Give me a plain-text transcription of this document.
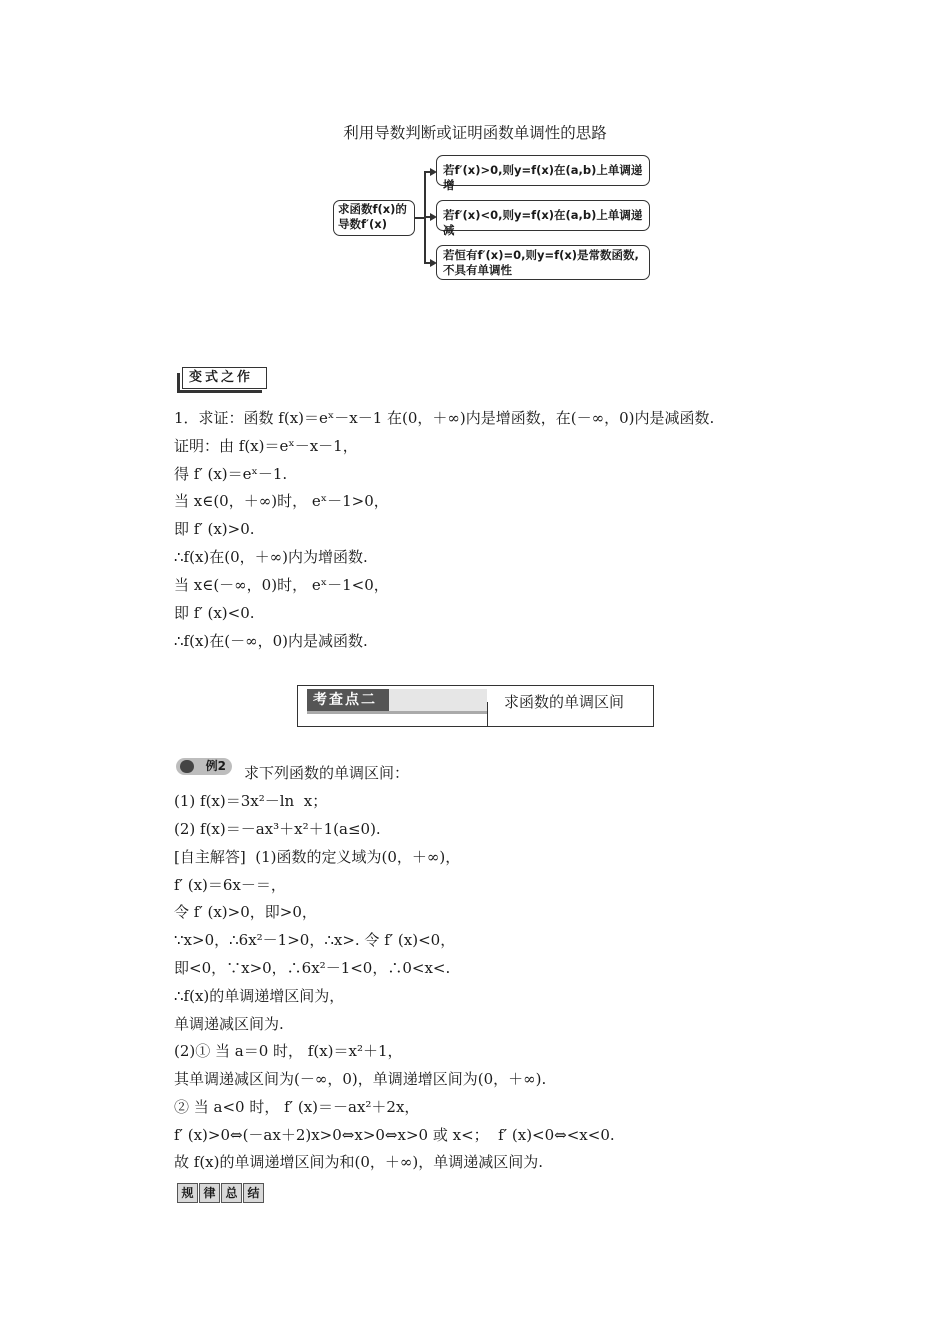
利用导数判断或证明函数单调性的思路
求函数f(x)的
导数f′(x)
若f′(x)>0,则y=f(x)在(a,b)上单调递增
若f′(x)<0,则y=f(x)在(a,b)上单调递减
若恒有f′(x)=0,则y=f(x)是常数函数,
不具有单调性
变式之作
1．求证：函数 f(x)＝eˣ－x－1 在(0，＋∞)内是增函数，在(－∞，0)内是减函数.
证明：由 f(x)＝eˣ－x－1，
得 f′ (x)＝eˣ－1.
当 x∈(0，＋∞)时， eˣ－1>0，
即 f′ (x)>0.
∴f(x)在(0，＋∞)内为增函数.
当 x∈(－∞，0)时， eˣ－1<0，
即 f′ (x)<0.
∴f(x)在(－∞，0)内是减函数.
考查点二	求函数的单调区间
例2	求下列函数的单调区间：
(1) f(x)＝3x²－ln  x；
(2) f(x)＝－ax³＋x²＋1(a≤0).
[自主解答]  (1)函数的定义域为(0，＋∞)，
f′ (x)＝6x－＝，
令 f′ (x)>0，即>0，
∵x>0，∴6x²－1>0，∴x>. 令 f′ (x)<0，
即<0，∵x>0，∴6x²－1<0，∴0<x<.
∴f(x)的单调递增区间为，
单调递减区间为.
(2)① 当 a＝0 时， f(x)＝x²＋1，
其单调递减区间为(－∞，0)，单调递增区间为(0，＋∞).
② 当 a<0 时， f′ (x)＝－ax²＋2x，
f′ (x)>0⇔(－ax＋2)x>0⇔x>0⇔x>0 或 x<；  f′ (x)<0⇔<x<0.
故 f(x)的单调递增区间为和(0，＋∞)，单调递减区间为.
规 律 总 结
